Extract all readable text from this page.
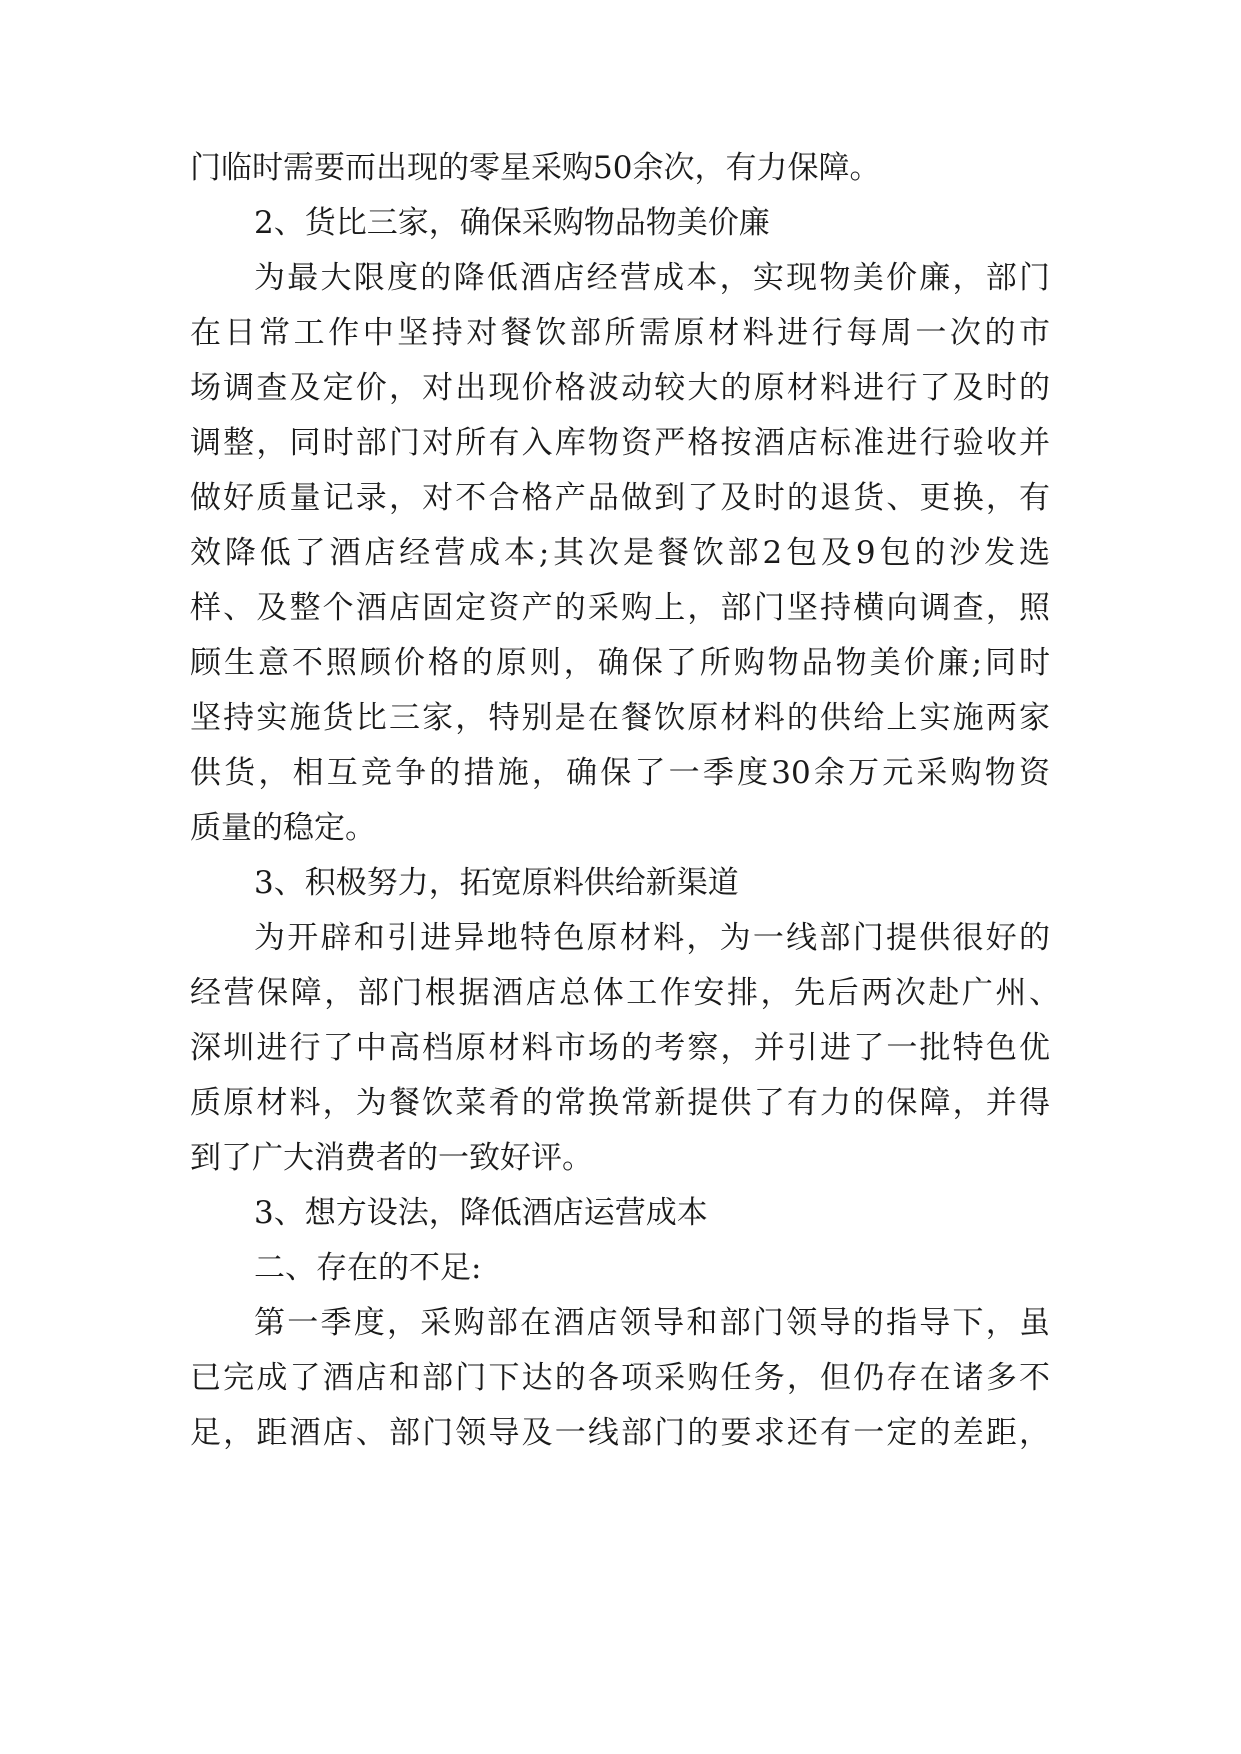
门临时需要而出现的零星采购50余次，有力保障。

2、货比三家，确保采购物品物美价廉

为最大限度的降低酒店经营成本，实现物美价廉，部门

在日常工作中坚持对餐饮部所需原材料进行每周一次的市

场调查及定价，对出现价格波动较大的原材料进行了及时的

调整，同时部门对所有入库物资严格按酒店标准进行验收并

做好质量记录，对不合格产品做到了及时的退货、更换，有

效降低了酒店经营成本;其次是餐饮部2包及9包的沙发选

样、及整个酒店固定资产的采购上，部门坚持横向调查，照

顾生意不照顾价格的原则，确保了所购物品物美价廉;同时

坚持实施货比三家，特别是在餐饮原材料的供给上实施两家

供货，相互竞争的措施，确保了一季度30余万元采购物资

质量的稳定。

3、积极努力，拓宽原料供给新渠道

为开辟和引进异地特色原材料，为一线部门提供很好的

经营保障，部门根据酒店总体工作安排，先后两次赴广州、

深圳进行了中高档原材料市场的考察，并引进了一批特色优

质原材料，为餐饮菜肴的常换常新提供了有力的保障，并得

到了广大消费者的一致好评。

3、想方设法，降低酒店运营成本

二、存在的不足:

第一季度，采购部在酒店领导和部门领导的指导下，虽

已完成了酒店和部门下达的各项采购任务，但仍存在诸多不

足，距酒店、部门领导及一线部门的要求还有一定的差距，
